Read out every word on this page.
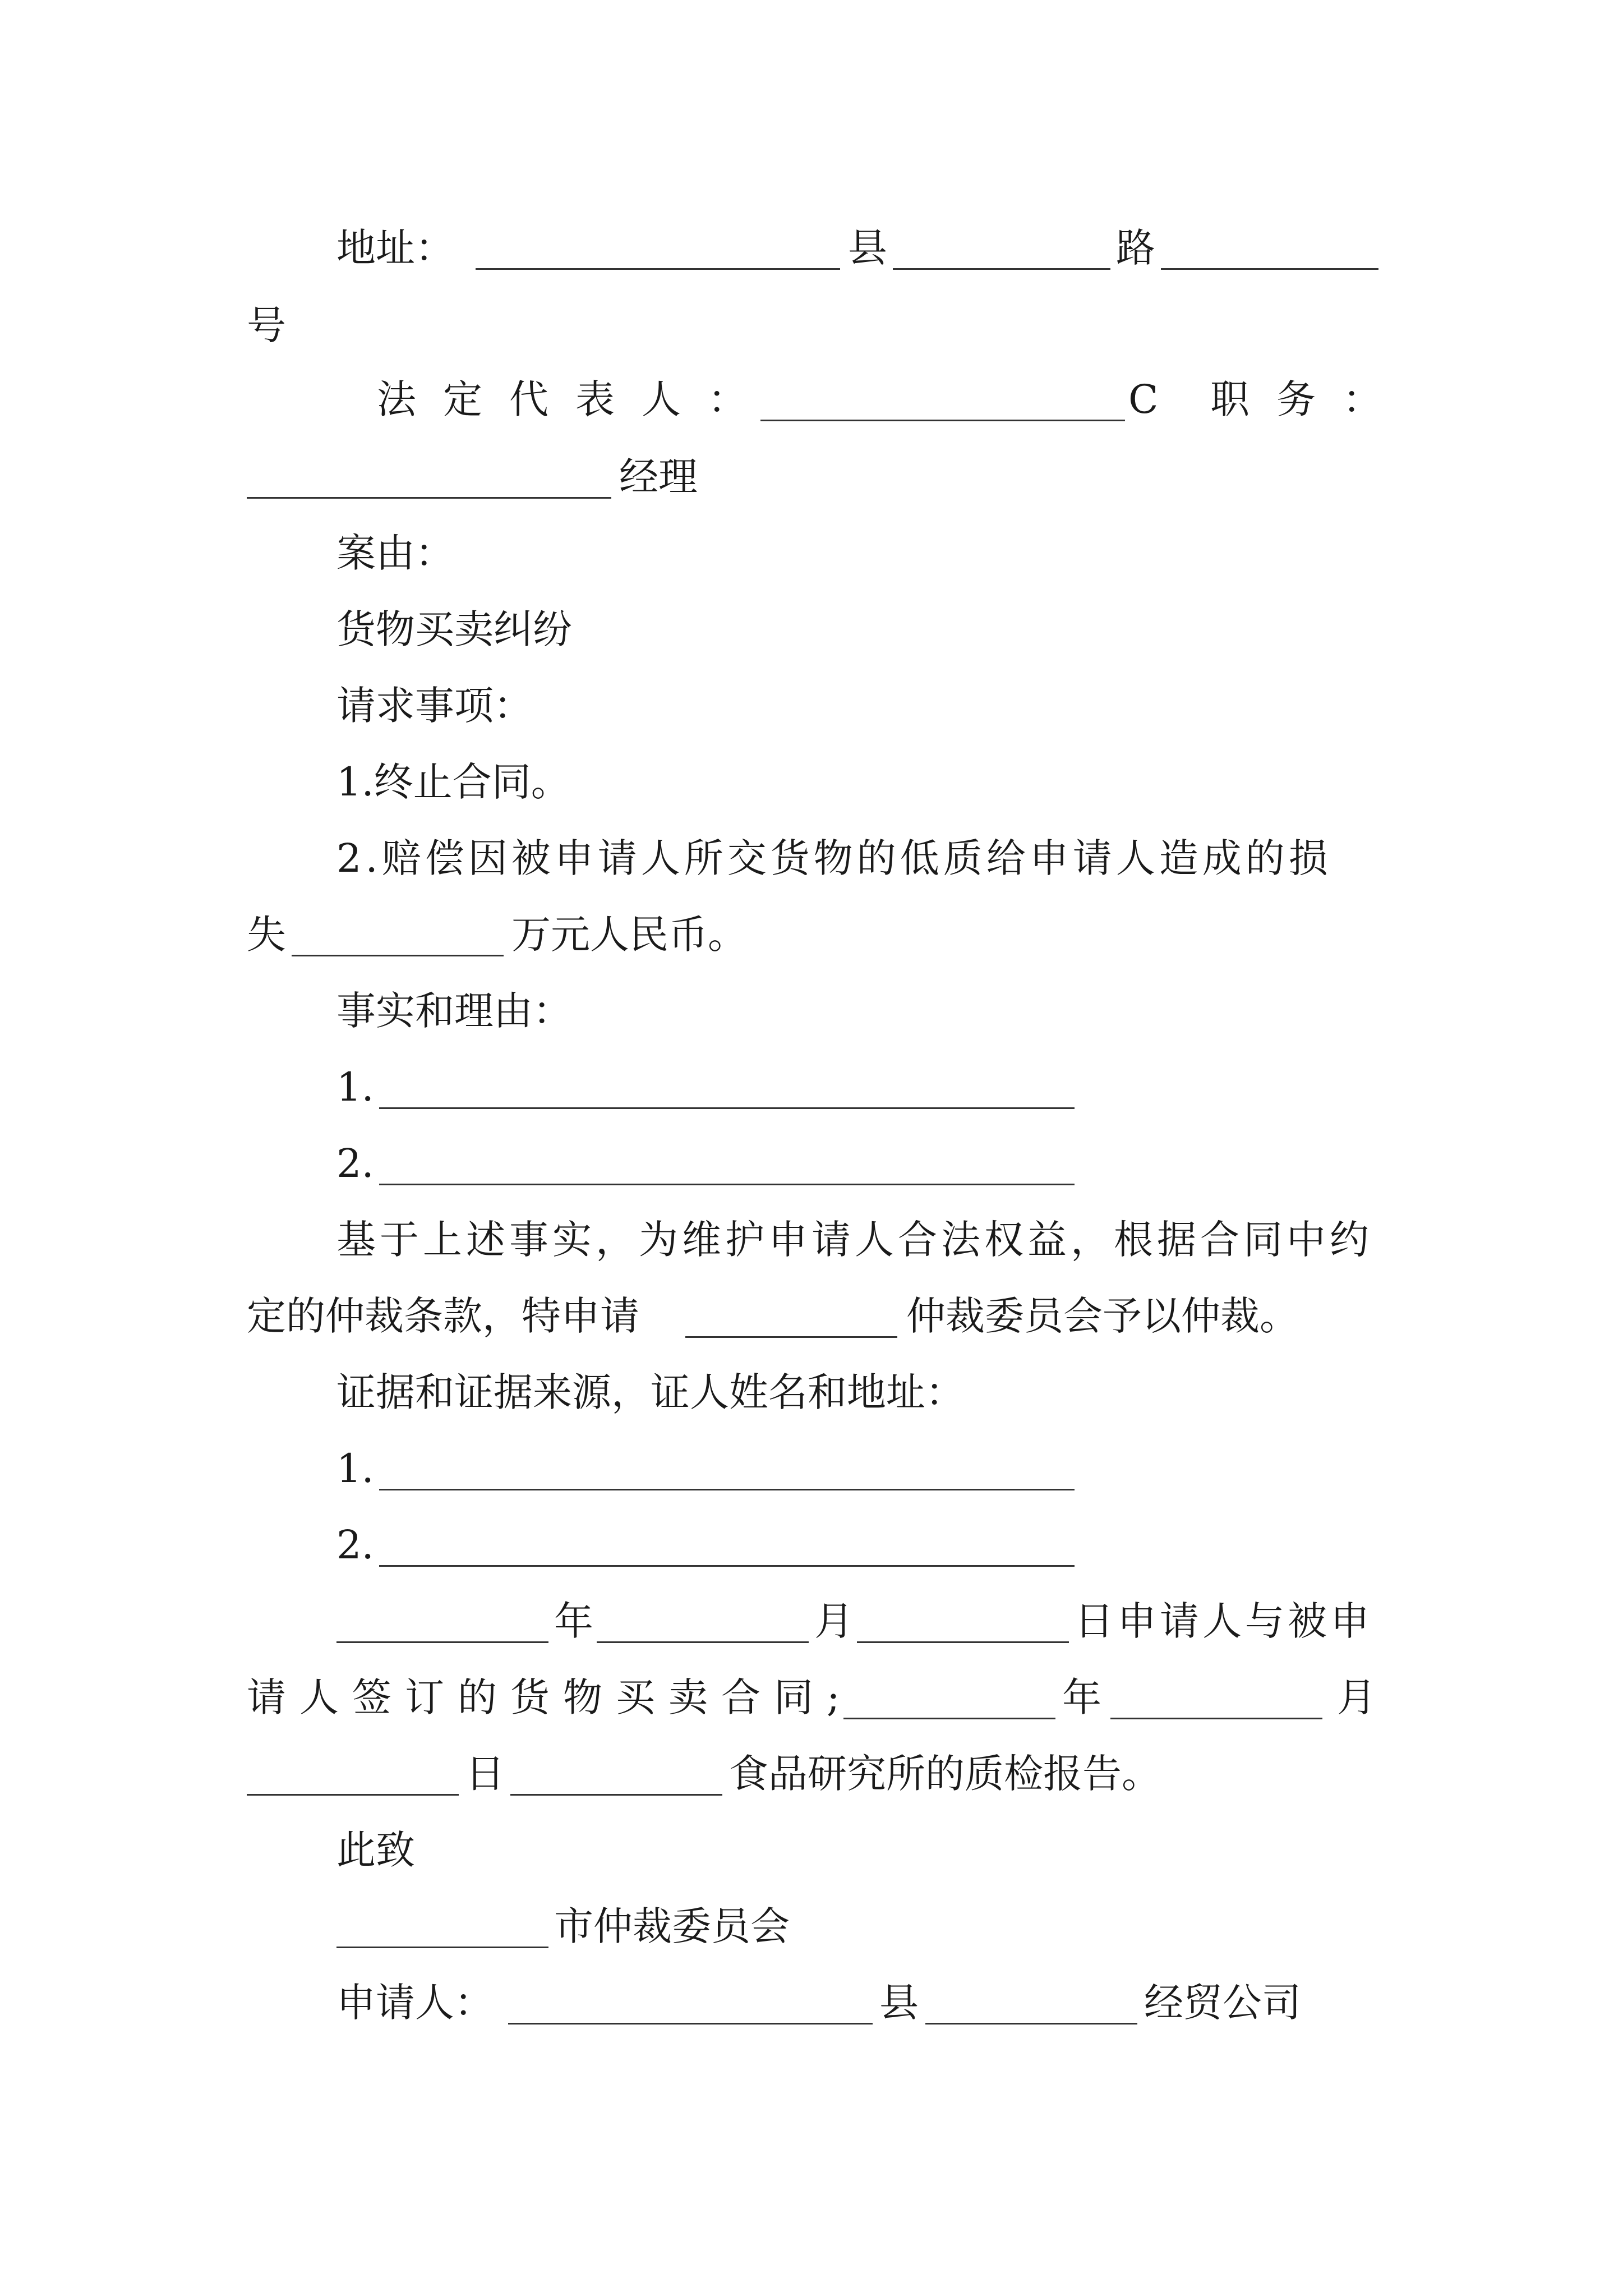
地址：	县	路
号
法定代表人：	C 职务：
经理
案由：
货物买卖纠纷
请求事项：
1.终止合同。
2.赔偿因被申请人所交货物的低质给申请人造成的损
失	万元人民币。
事实和理由：
1.
2.
基于上述事实，为维护申请人合法权益，根据合同中约
定的仲裁条款，特申请	仲裁委员会予以仲裁。
证据和证据来源，证人姓名和地址：
1.
2.
年	月	日申请人与被申
请人签订的货物买卖合同;	年	月
日	食品研究所的质检报告。
此致
市仲裁委员会
申请人：	县	经贸公司
